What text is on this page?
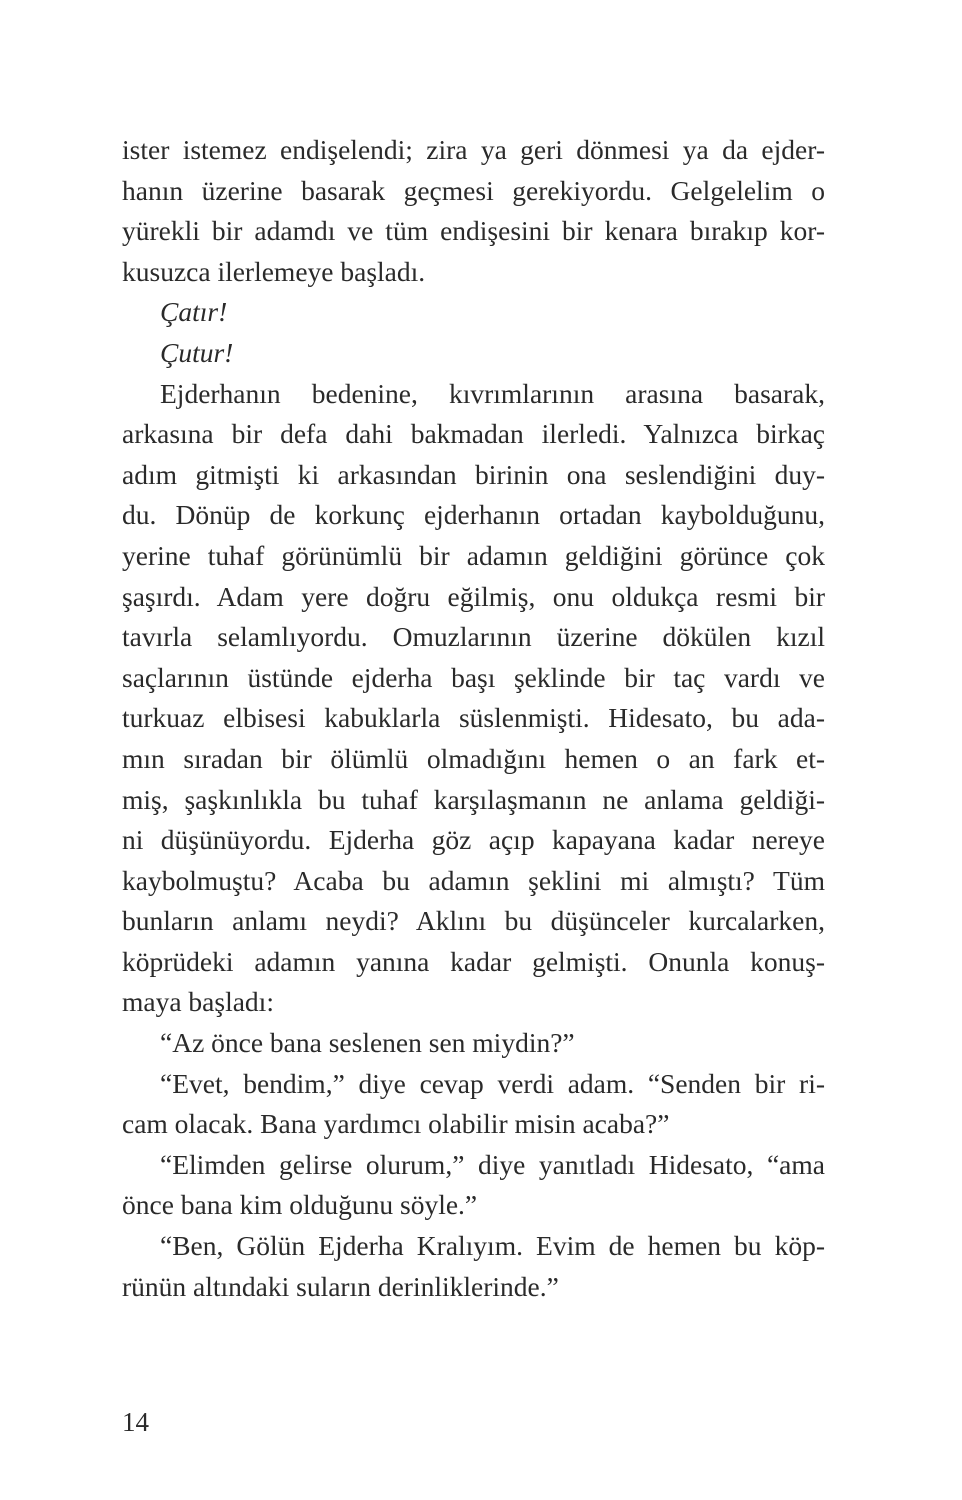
ister istemez endişelendi; zira ya geri dönmesi ya da ejder-
hanın üzerine basarak geçmesi gerekiyordu. Gelgelelim o
yürekli bir adamdı ve tüm endişesini bir kenara bırakıp kor-
kusuzca ilerlemeye başladı.
Çatır!
Çutur!
Ejderhanın bedenine, kıvrımlarının arasına basarak,
arkasına bir defa dahi bakmadan ilerledi. Yalnızca birkaç
adım gitmişti ki arkasından birinin ona seslendiğini duy-
du. Dönüp de korkunç ejderhanın ortadan kaybolduğunu,
yerine tuhaf görünümlü bir adamın geldiğini görünce çok
şaşırdı. Adam yere doğru eğilmiş, onu oldukça resmi bir
tavırla selamlıyordu. Omuzlarının üzerine dökülen kızıl
saçlarının üstünde ejderha başı şeklinde bir taç vardı ve
turkuaz elbisesi kabuklarla süslenmişti. Hidesato, bu ada-
mın sıradan bir ölümlü olmadığını hemen o an fark et-
miş, şaşkınlıkla bu tuhaf karşılaşmanın ne anlama geldiği-
ni düşünüyordu. Ejderha göz açıp kapayana kadar nereye
kaybolmuştu? Acaba bu adamın şeklini mi almıştı? Tüm
bunların anlamı neydi? Aklını bu düşünceler kurcalarken,
köprüdeki adamın yanına kadar gelmişti. Onunla konuş-
maya başladı:
“Az önce bana seslenen sen miydin?”
“Evet, bendim,” diye cevap verdi adam. “Senden bir ri-
cam olacak. Bana yardımcı olabilir misin acaba?”
“Elimden gelirse olurum,” diye yanıtladı Hidesato, “ama
önce bana kim olduğunu söyle.”
“Ben, Gölün Ejderha Kralıyım. Evim de hemen bu köp-
rünün altındaki suların derinliklerinde.”
14
